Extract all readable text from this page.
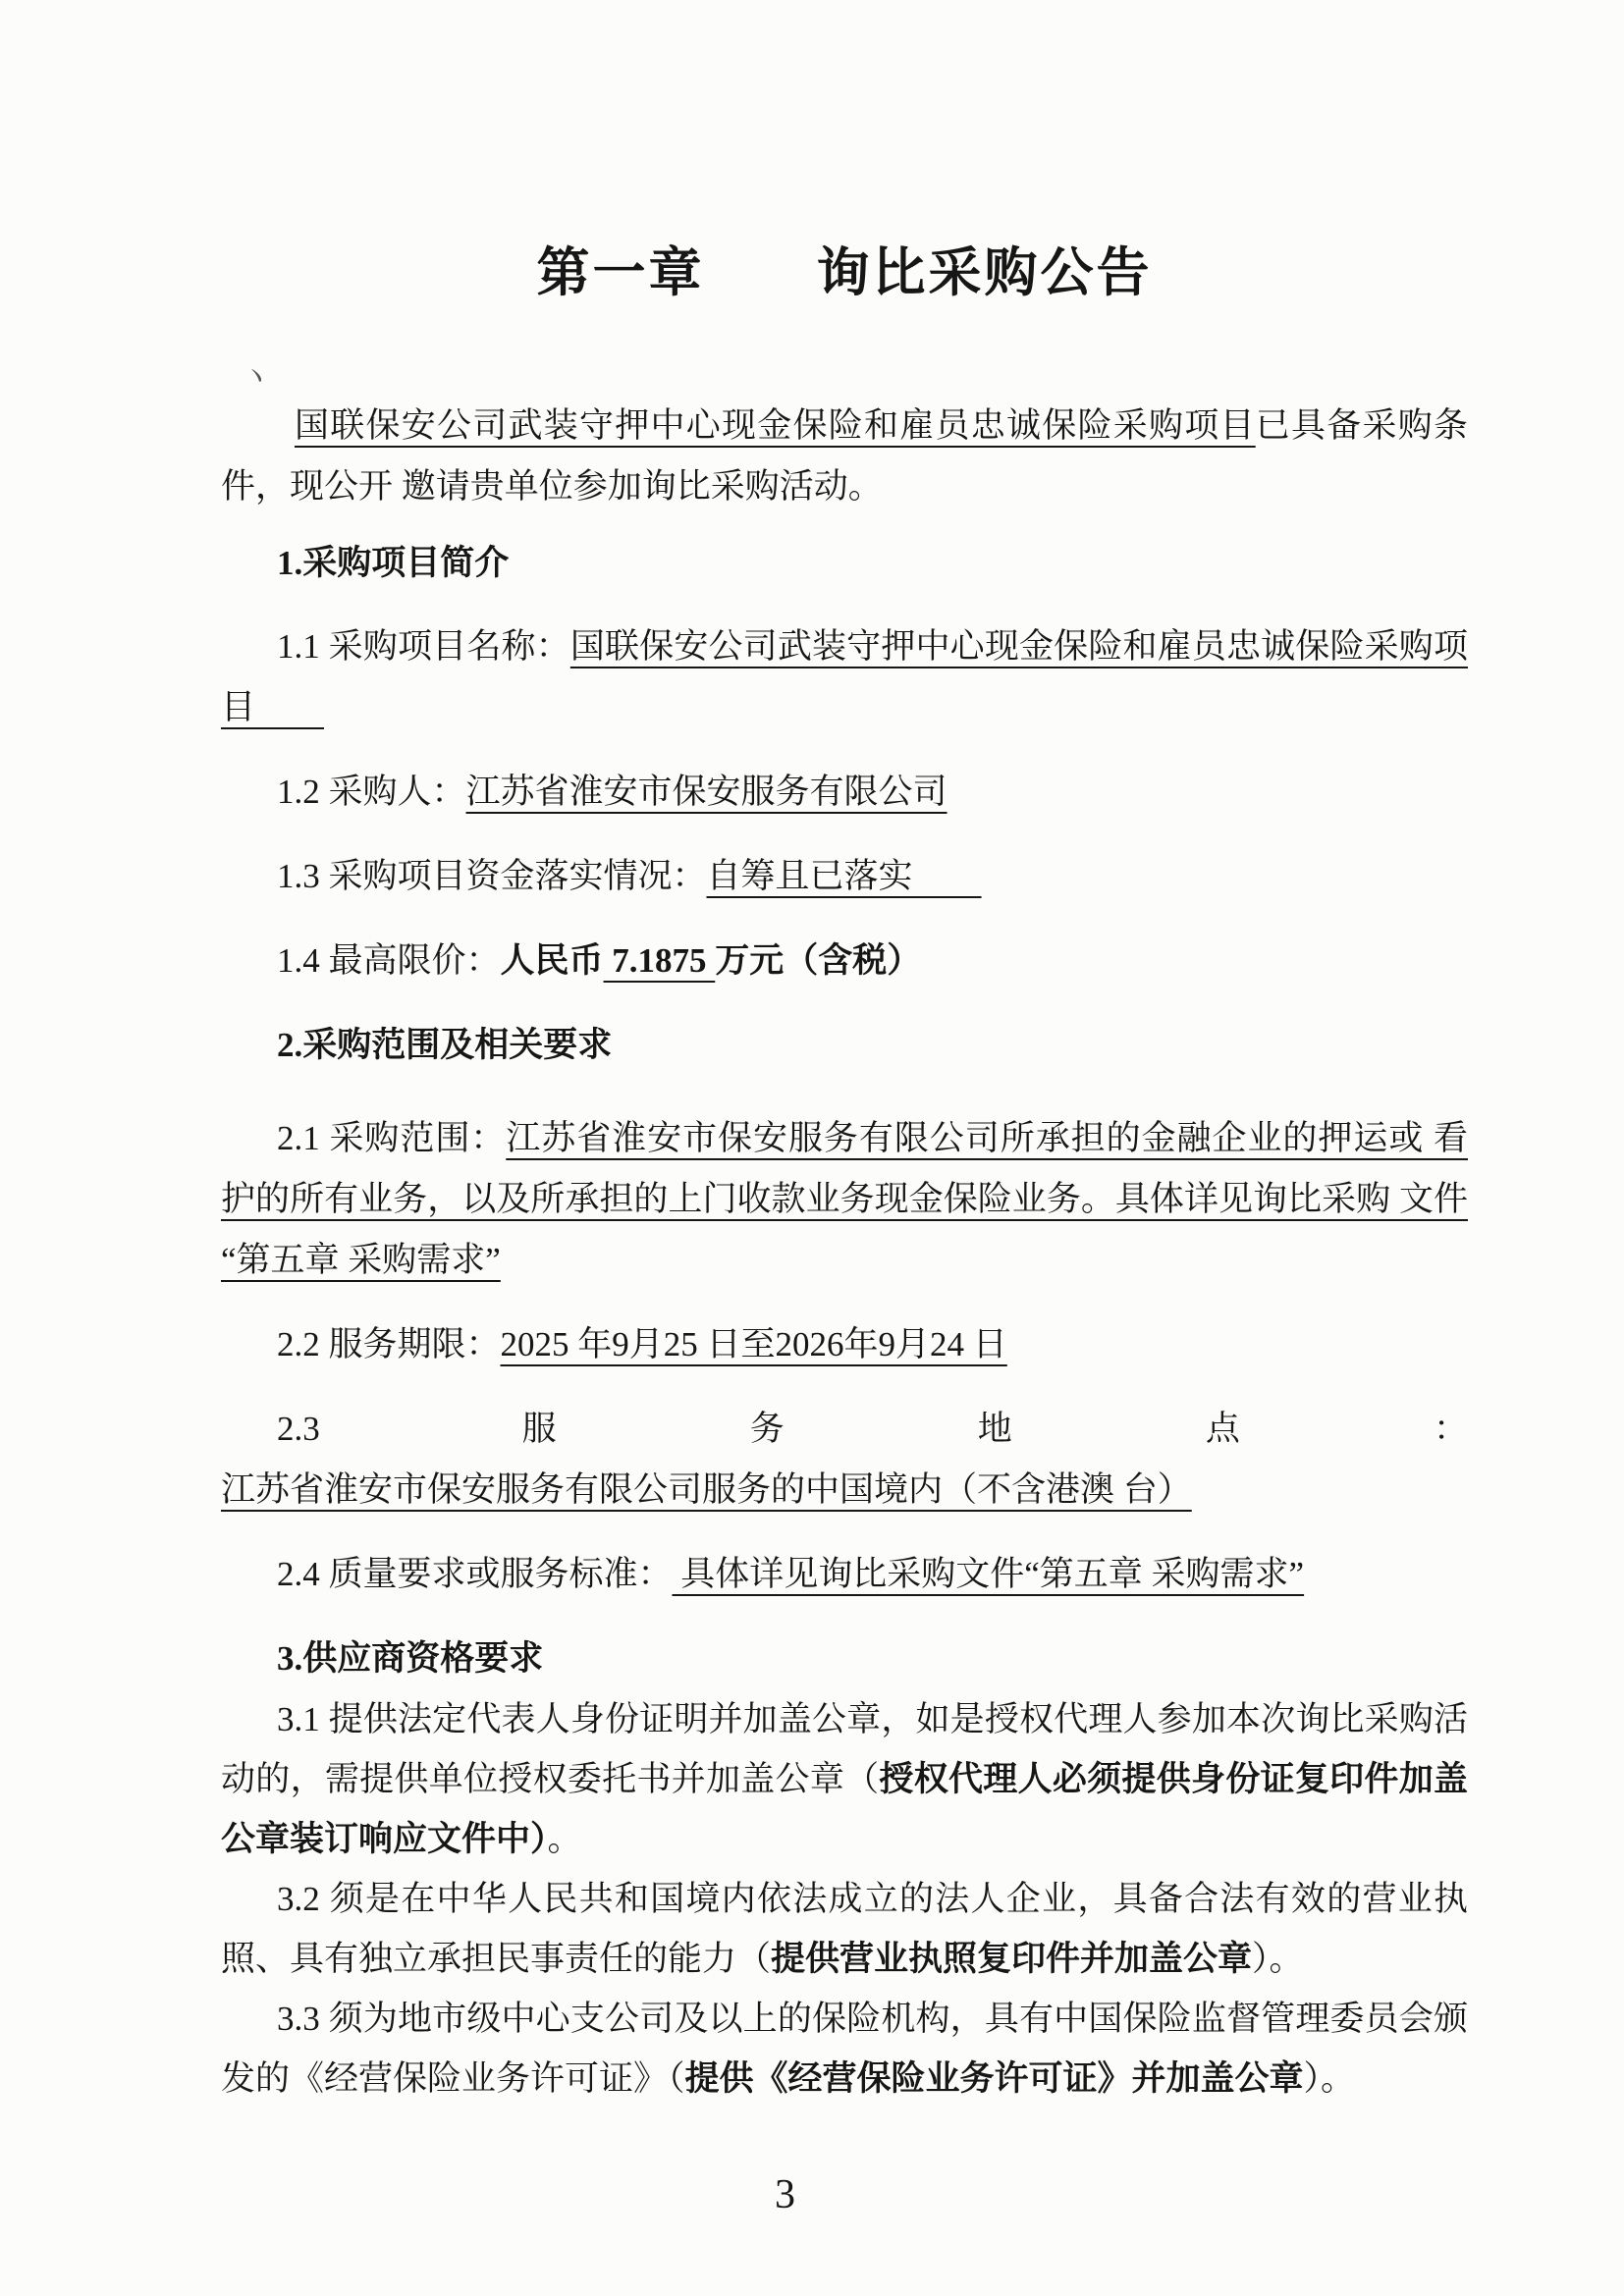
丶
第一章　　询比采购公告

国联保安公司武装守押中心现金保险和雇员忠诚保险采购项目已具备采购条件，现公开 邀请贵单位参加询比采购活动。

1.采购项目简介

1.1 采购项目名称：国联保安公司武装守押中心现金保险和雇员忠诚保险采购项目　　

1.2 采购人：江苏省淮安市保安服务有限公司

1.3 采购项目资金落实情况：自筹且已落实　　

1.4 最高限价：人民币 7.1875 万元（含税）

2.采购范围及相关要求

2.1 采购范围：江苏省淮安市保安服务有限公司所承担的金融企业的押运或 看护的所有业务，以及所承担的上门收款业务现金保险业务。具体详见询比采购 文件“第五章 采购需求”

2.2 服务期限：2025 年9月25 日至2026年9月24 日

2.3 服务地点：江苏省淮安市保安服务有限公司服务的中国境内（不含港澳 台）

2.4 质量要求或服务标准： 具体详见询比采购文件“第五章 采购需求”

3.供应商资格要求

3.1 提供法定代表人身份证明并加盖公章，如是授权代理人参加本次询比采购活动的，需提供单位授权委托书并加盖公章（授权代理人必须提供身份证复印件加盖公章装订响应文件中）。

3.2 须是在中华人民共和国境内依法成立的法人企业，具备合法有效的营业执照、具有独立承担民事责任的能力（提供营业执照复印件并加盖公章）。

3.3 须为地市级中心支公司及以上的保险机构，具有中国保险监督管理委员会颁发的《经营保险业务许可证》（提供《经营保险业务许可证》并加盖公章）。

3
